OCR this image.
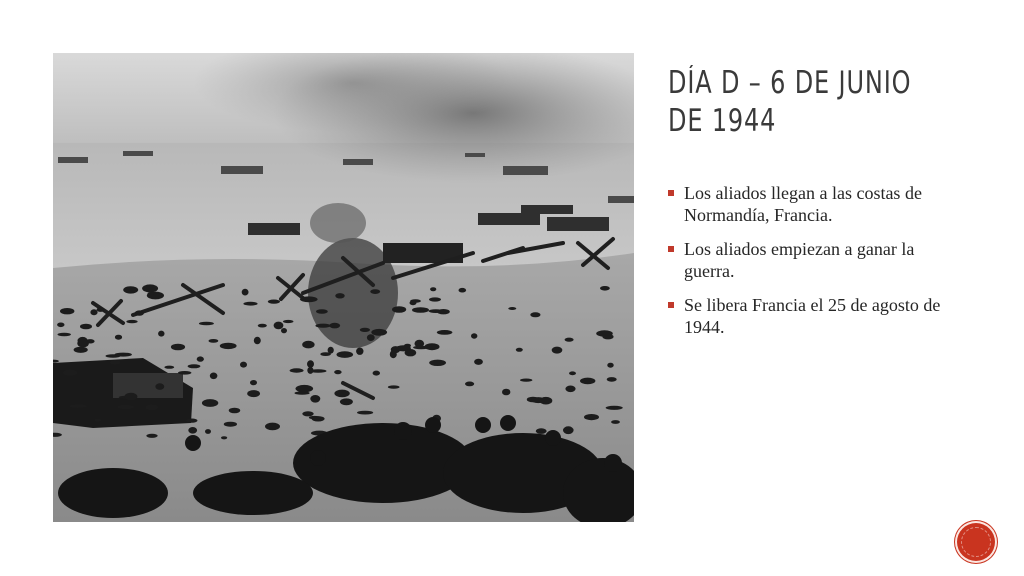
DÍA D – 6 DE JUNIO DE 1944
Los aliados llegan a las costas de Normandía, Francia.
Los aliados empiezan a ganar la guerra.
Se libera Francia el 25 de agosto de 1944.
